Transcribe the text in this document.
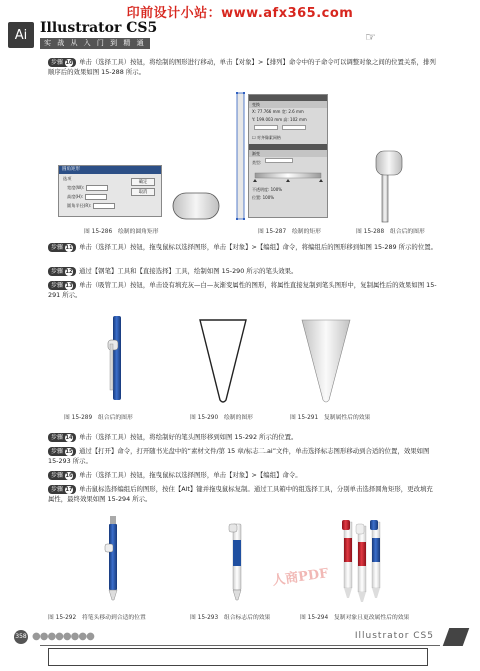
印前设计小站：www.afx365.com
Ai Illustrator CS5
实 战 从 入 门 到 精 通	☞
步骤 10 单击（选择工具）按钮，将绘制的图形进行移动，单击【对象】>【排列】命令中的子命令可以调整对象之间的位置关系，排列顺序后的效果如图 15-288 所示。
圆角矩形
选项
宽度(W):
高度(H):
圆角半径(R):
确定
取消
图 15-286　绘制的圆角矩形
变换
X: 77.766 mm 宽: 2.6 mm
Y: 199.003 mm 高: 102 mm
☐ 对齐像素网格
渐变
类型:
不透明度: 100%
位置: 100%
图 15-287　绘制的矩形	图 15-288　组合后的图形
步骤 11 单击（选择工具）按钮，拖曳鼠标以选择图形，单击【对象】>【编组】命令，将编组后的图形移到如图 15-289 所示的位置。
步骤 12 通过【钢笔】工具和【直接选择】工具，绘制如图 15-290 所示的笔头效果。
步骤 13 单击（吸管工具）按钮，单击设有填充灰—白—灰渐变属性的图形，将属性直接复制到笔头图形中，复制属性后的效果如图 15-291 所示。
图 15-289　组合后的图形	图 15-290　绘制的图形	图 15-291　复制属性后的效果
步骤 14 单击（选择工具）按钮，将绘制好的笔头图形移到如图 15-292 所示的位置。
步骤 15 通过【打开】命令，打开随书光盘中的“素材文件/第 15 章/标志二.ai”文件，单击选择标志图形移动到合适的位置，效果如图 15-293 所示。
步骤 16 单击（选择工具）按钮，拖曳鼠标以选择图形，单击【对象】>【编组】命令。
步骤 17 单击鼠标选择编组后的图形，按住【Alt】键并拖曳鼠标复制。通过工具箱中的组选择工具，分别单击选择圆角矩形，更改填充属性，最终效果如图 15-294 所示。
图 15-292　将笔头移动到合适的位置	图 15-293　组合标志后的效果	图 15-294　复制对象且更改属性后的效果
人商PDF
358 ●●●●●●●●	Illustrator CS5
